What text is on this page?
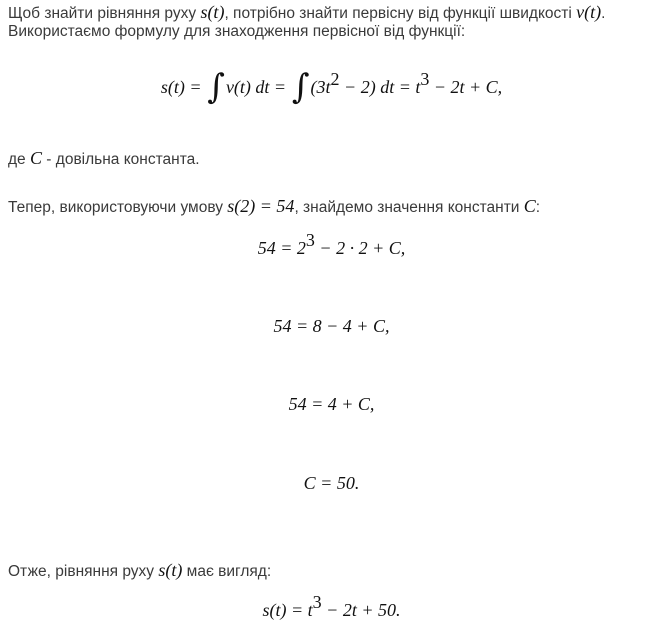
Щоб знайти рівняння руху s(t), потрібно знайти первісну від функції швидкості v(t).
Використаємо формулу для знаходження первісної від функції:
s(t) = ∫v(t) dt = $\int(3t^2 - 2)$ dt = $t^3 - 2t + C$,
де C - довільна константа.
Тепер, використовуючи умову s(2) = 54, знайдемо значення константи C:
$54 = 2^3 - 2 \cdot 2 + C$,
54 = 8 − 4 + C,
54 = 4 + C,
C = 50.
Отже, рівняння руху s(t) має вигляд:
$s(t) = t^3 - 2t + 50$.
